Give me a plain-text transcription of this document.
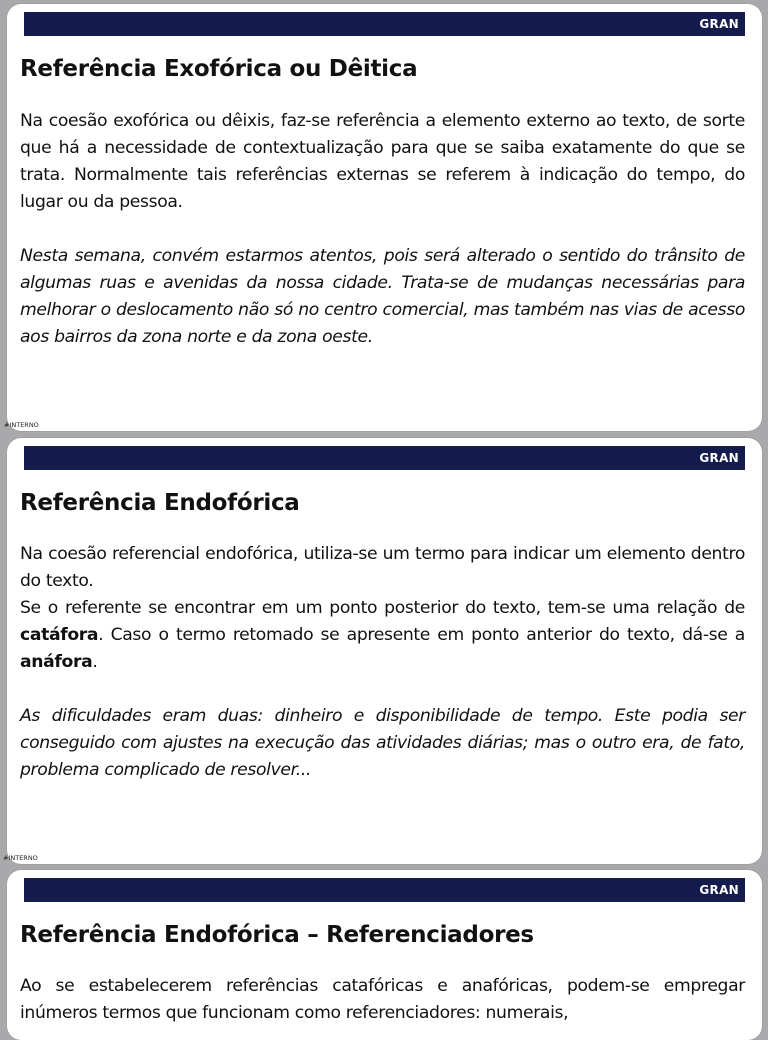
GRAN
Referência Exofórica ou Dêitica

Na coesão exofórica ou dêixis, faz-se referência a elemento externo ao texto, de sorte que há a necessidade de contextualização para que se saiba exatamente do que se trata. Normalmente tais referências externas se referem à indicação do tempo, do lugar ou da pessoa.

Nesta semana, convém estarmos atentos, pois será alterado o sentido do trânsito de algumas ruas e avenidas da nossa cidade. Trata-se de mudanças necessárias para melhorar o deslocamento não só no centro comercial, mas também nas vias de acesso aos bairros da zona norte e da zona oeste.

#INTERNO
GRAN
Referência Endofórica

Na coesão referencial endofórica, utiliza-se um termo para indicar um elemento dentro do texto.

Se o referente se encontrar em um ponto posterior do texto, tem-se uma relação de catáfora. Caso o termo retomado se apresente em ponto anterior do texto, dá-se a anáfora.

As dificuldades eram duas: dinheiro e disponibilidade de tempo. Este podia ser conseguido com ajustes na execução das atividades diárias; mas o outro era, de fato, problema complicado de resolver...

#INTERNO
GRAN
Referência Endofórica – Referenciadores

Ao se estabelecerem referências catafóricas e anafóricas, podem-se empregar inúmeros termos que funcionam como referenciadores: numerais,
